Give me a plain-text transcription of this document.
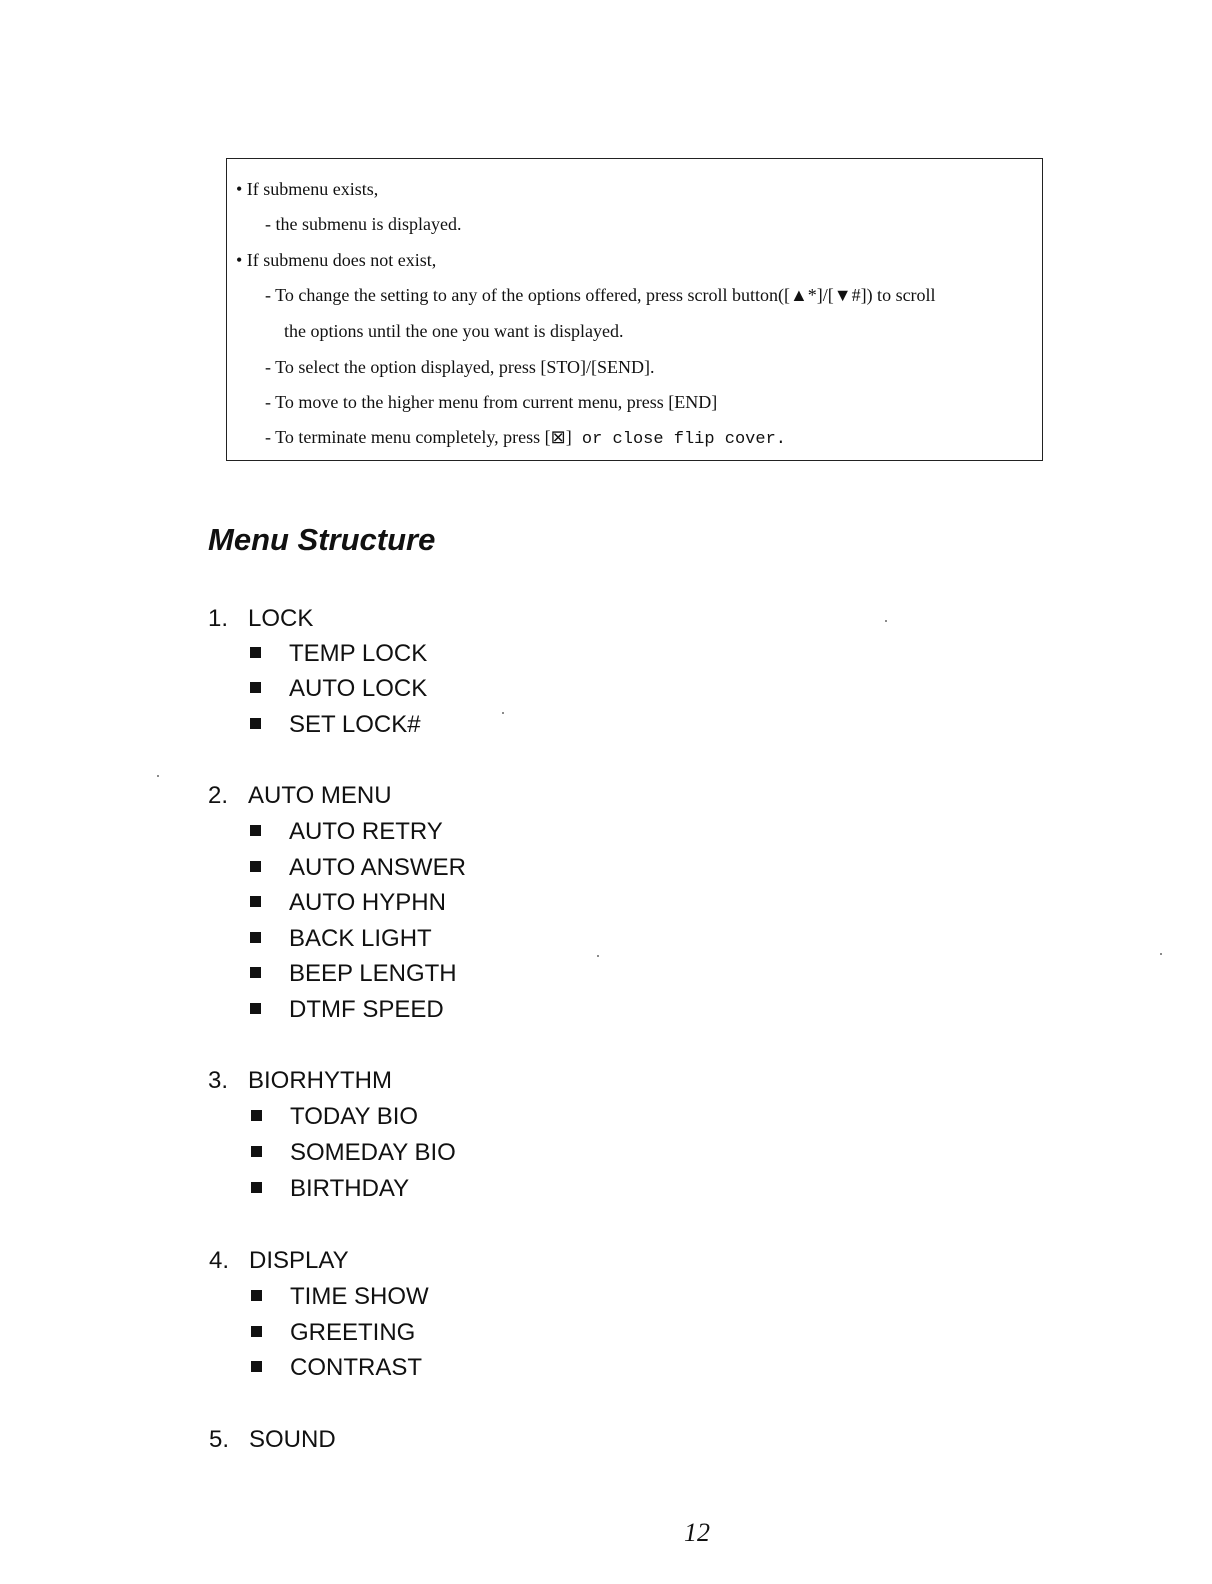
• If submenu exists,
- the submenu is displayed.
• If submenu does not exist,
- To change the setting to any of the options offered, press scroll button([▲*]/[▼#]) to scroll
the options until the one you want is displayed.
- To select the option displayed, press [STO]/[SEND].
- To move to the higher menu from current menu, press [END]
- To terminate menu completely, press [⊠] or close flip cover.
Menu Structure
1. LOCK
TEMP LOCK
AUTO LOCK
SET LOCK#
2. AUTO MENU
AUTO RETRY
AUTO ANSWER
AUTO HYPHN
BACK LIGHT
BEEP LENGTH
DTMF SPEED
3. BIORHYTHM
TODAY BIO
SOMEDAY BIO
BIRTHDAY
4. DISPLAY
TIME SHOW
GREETING
CONTRAST
5. SOUND
12
